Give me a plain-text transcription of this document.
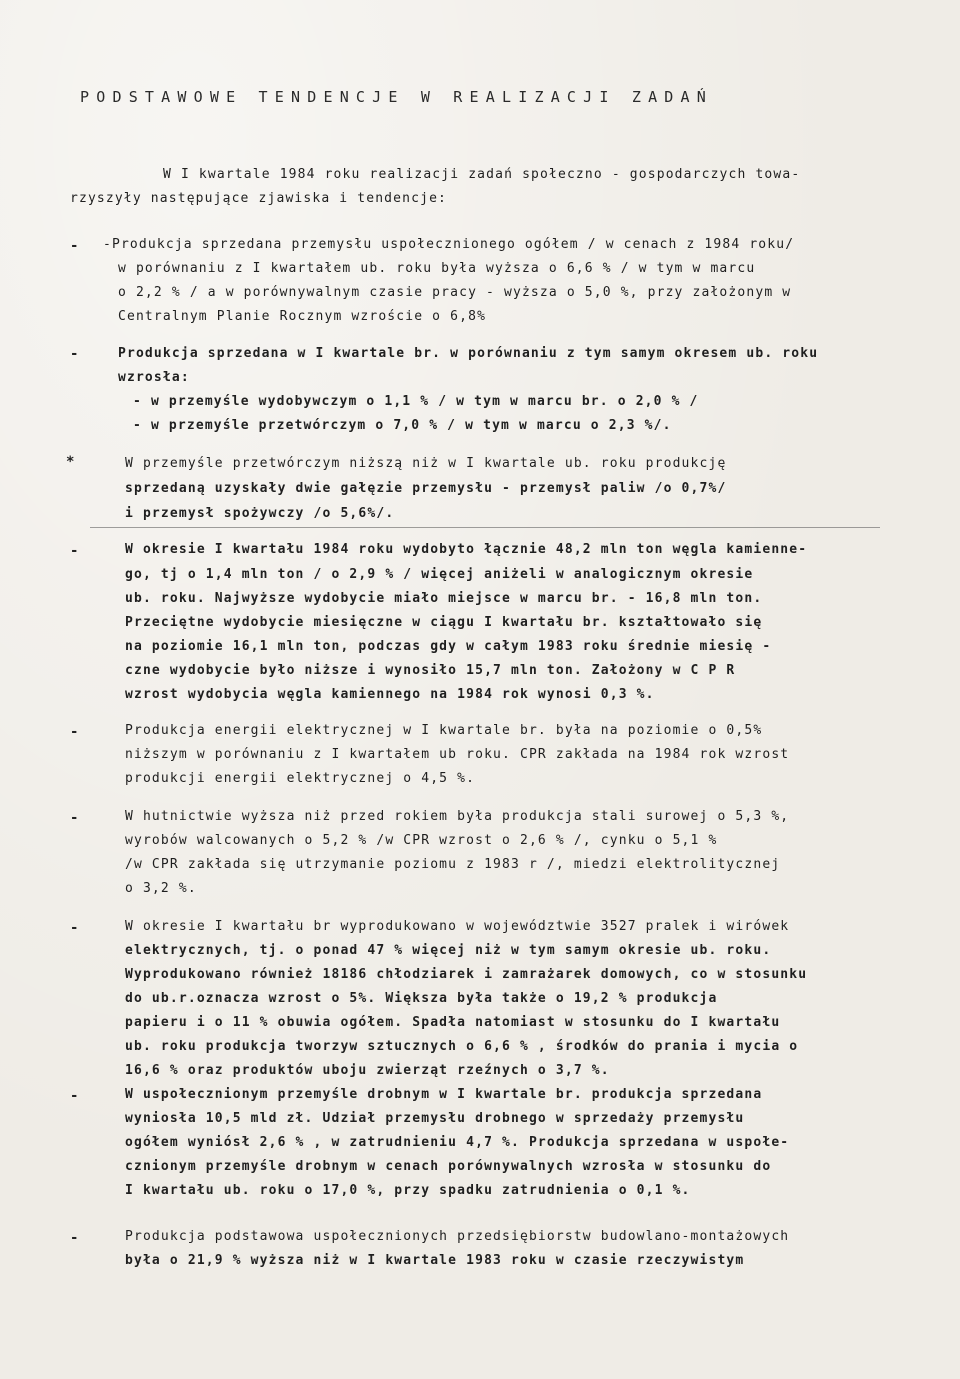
PODSTAWOWE TENDENCJE W REALIZACJI ZADAŃ
W I kwartale 1984 roku realizacji zadań społeczno - gospodarczych towa-
rzyszyły następujące zjawiska i tendencje:
- -Produkcja sprzedana przemysłu uspołecznionego ogółem / w cenach z 1984 roku/
w porównaniu z I kwartałem ub. roku była wyższa o 6,6 % / w tym w marcu
o 2,2 % / a w porównywalnym czasie pracy - wyższa o 5,0 %, przy założonym w
Centralnym Planie Rocznym wzroście o 6,8%
-	Produkcja sprzedana w I kwartale br. w porównaniu z tym samym okresem ub. roku
wzrosła:
- w przemyśle wydobywczym o 1,1 % / w tym w marcu br. o 2,0 % /
- w przemyśle przetwórczym o 7,0 % / w tym w marcu o 2,3 %/.
*	W przemyśle przetwórczym niższą niż w I kwartale ub. roku produkcję
sprzedaną uzyskały dwie gałęzie przemysłu - przemysł paliw /o 0,7%/
i przemysł spożywczy /o 5,6%/.
-	W okresie I kwartału 1984 roku wydobyto łącznie 48,2 mln ton węgla kamienne-
go, tj o 1,4 mln ton / o 2,9 % / więcej aniżeli w analogicznym okresie
ub. roku. Najwyższe wydobycie miało miejsce w marcu br. - 16,8 mln ton.
Przeciętne wydobycie miesięczne w ciągu I kwartału br. kształtowało się
na poziomie 16,1 mln ton, podczas gdy w całym 1983 roku średnie miesię -
czne wydobycie było niższe i wynosiło 15,7 mln ton. Założony w C P R
wzrost wydobycia węgla kamiennego na 1984 rok wynosi 0,3 %.
-	Produkcja energii elektrycznej w I kwartale br. była na poziomie o 0,5%
niższym w porównaniu z I kwartałem ub roku. CPR zakłada na 1984 rok wzrost
produkcji energii elektrycznej o 4,5 %.
-	W hutnictwie wyższa niż przed rokiem była produkcja stali surowej o 5,3 %,
wyrobów walcowanych o 5,2 % /w CPR wzrost o 2,6 % /, cynku o 5,1 %
/w CPR zakłada się utrzymanie poziomu z 1983 r /, miedzi elektrolitycznej
o 3,2 %.
-	W okresie I kwartału br wyprodukowano w województwie 3527 pralek i wirówek
elektrycznych, tj. o ponad 47 % więcej niż w tym samym okresie ub. roku.
Wyprodukowano również 18186 chłodziarek i zamrażarek domowych, co w stosunku
do ub.r.oznacza wzrost o 5%. Większa była także o 19,2 % produkcja
papieru i o 11 % obuwia ogółem. Spadła natomiast w stosunku do I kwartału
ub. roku produkcja tworzyw sztucznych o 6,6 % , środków do prania i mycia o
16,6 % oraz produktów uboju zwierząt rzeźnych o 3,7 %.
-	W uspołecznionym przemyśle drobnym w I kwartale br. produkcja sprzedana
wyniosła 10,5 mld zł. Udział przemysłu drobnego w sprzedaży przemysłu
ogółem wyniósł 2,6 % , w zatrudnieniu 4,7 %. Produkcja sprzedana w uspołe-
cznionym przemyśle drobnym w cenach porównywalnych wzrosła w stosunku do
I kwartału ub. roku o 17,0 %, przy spadku zatrudnienia o 0,1 %.
-	Produkcja podstawowa uspołecznionych przedsiębiorstw budowlano-montażowych
była o 21,9 % wyższa niż w I kwartale 1983 roku w czasie rzeczywistym
